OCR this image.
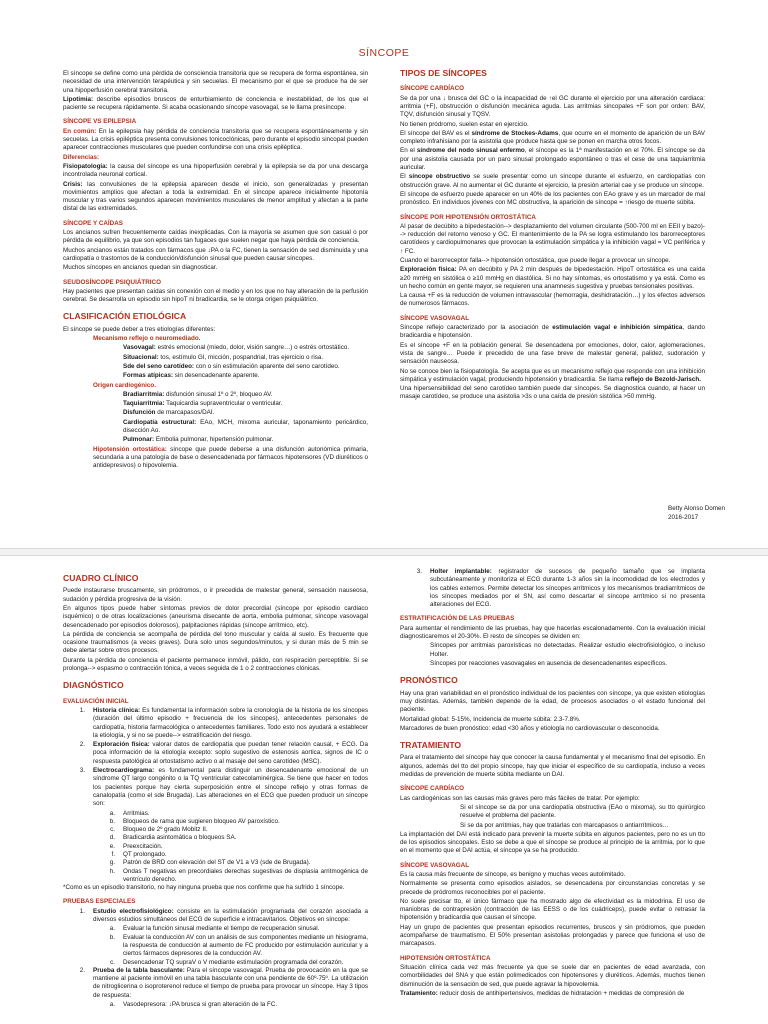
SÍNCOPE

El síncope se define como una pérdida de consciencia transitoria que se recupera de forma espontánea, sin necesidad de una intervención terapéutica y sin secuelas. El mecanismo por el que se produce ha de ser una hipoperfusión cerebral transitoria.

Lipotimia: describe episodios bruscos de enturbiamiento de conciencia e inestabilidad, de los que el paciente se recupera rápidamente. Si acaba ocasionando síncope vasovagal, se le llama presíncope.

SÍNCOPE VS EPILEPSIA

En común: En la epilepsia hay pérdida de conciencia transitoria que se recupera espontáneamente y sin secuelas. La crisis epiléptica presenta convulsiones tonicoclónicas, pero durante el episodio sincopal pueden aparecer contracciones musculares que pueden confundirse con una crisis epiléptica.

Diferencias:

Fisiopatología: la causa del síncope es una hipoperfusión cerebral y la epilepsia se da por una descarga incontrolada neuronal cortical.

Crisis: las convulsiones de la epilepsia aparecen desde el inicio, son generalizadas y presentan movimientos amplios que afectan a toda la extremidad. En el síncope aparece inicialmente hipotonía muscular y tras varios segundos aparecen movimientos musculares de menor amplitud y afectan a la parte distal de las extremidades.

SÍNCOPE Y CAÍDAS

Los ancianos sufren frecuentemente caídas inexplicadas. Con la mayoría se asumen que son casual o por pérdida de equilibrio, ya que son episodios tan fugaces que suelen negar que haya pérdida de conciencia.

Muchos ancianos están tratados con fármacos que ↓PA o la FC, tienen la sensación de sed disminuida y una cardiopatía o trastornos de la conducción/disfunción sinusal que pueden causar síncopes.

Muchos síncopes en ancianos quedan sin diagnosticar.

SEUDOSÍNCOPE PSIQUIÁTRICO

Hay pacientes que presentan caídas sin conexión con el medio y en los que no hay alteración de la perfusión cerebral. Se desarrolla un episodio sin hipoT ni bradicardia, se le otorga origen psiquiátrico.

CLASIFICACIÓN ETIOLÓGICA

El síncope se puede deber a tres etiologías diferentes:

Mecanismo reflejo o neuromediado.

Vasovagal: estrés emocional (miedo, dolor, visión sangre…) o estrés ortostático.

Situacional: tos, estímulo GI, micción, pospandrial, tras ejercicio o risa.

Sde del seno carotídeo: con o sin estimulación aparente del seno carotídeo.

Formas atípicas: sin desencadenante aparente.

Origen cardiogénico.

Bradiarritmia: disfunción sinusal 1º o 2º, bloqueo AV.

Taquiarritmia: Taquicardia supraventricular o ventricular.

Disfunción de marcapasos/DAI.

Cardiopatía estructural: EAo, MCH, mixoma auricular, taponamiento pericárdico, disección Ao.

Pulmonar: Embolia pulmonar, hipertensión pulmonar.

Hipotensión ortostática: síncope que puede deberse a una disfunción autonómica primaria, secundaria a una patología de base o desencadenada por fármacos hipotensores (VD diuréticos o antidepresivos) o hipovolemia.

TIPOS DE SÍNCOPES
SÍNCOPE CARDÍACO

Se da por una ↓ brusca del GC o la incapacidad de ↑el GC durante el ejercicio por una alteración cardiaca: arritmia (+F), obstrucción o disfunción mecánica aguda. Las arritmias sincopales +F son por orden: BAV, TQV, disfunción sinusal y TQSV.

No tienen pródromo, suelen estar en ejercicio.

El síncope del BAV es el síndrome de Stockes-Adams, que ocurre en el momento de aparición de un BAV completo infrahisiano por la asistolia que produce hasta que se ponen en marcha otros focos.

En el síndrome del nodo sinusal enfermo, el síncope es la 1ª manifestación en el 70%. El síncope se da por una asistolia causada por un paro sinusal prolongado espontáneo o tras el cese de una taquiarritmia auricular.

El síncope obstructivo se suele presentar como un síncope durante el esfuerzo, en cardiopatías con obstrucción grave. Al no aumentar el GC durante el ejercicio, la presión arterial cae y se produce un síncope.

El síncope de esfuerzo puede aparecer en un 40% de los pacientes con EAo grave y es un marcador de mal pronóstico. En individuos jóvenes con MC obstructiva, la aparición de síncope = ↑riesgo de muerte súbita.

SÍNCOPE POR HIPOTENSIÓN ORTOSTÁTICA

Al pasar de decúbito a bipedestación--> desplazamiento del volumen circulante (500-700 ml en EEII y bazo)--> reducción del retorno venoso y GC. El mantenimiento de la PA se logra estimulando los barorreceptores carotídeos y cardiopulmonares que provocan la estimulación simpática y la inhibición vagal = VC periférica y ↑ FC.

Cuando el barorreceptor falla--> hipotensión ortostática, que puede llegar a provocar un síncope.

Exploración física: PA en decúbito y PA 2 min después de bipedestación. HipoT ortostática es una caída ≥20 mmHg en sistólica o ≥10 mmHg en diastólica. Si no hay síntomas, es ortostatismo y ya está. Como es un hecho común en gente mayor, se requieren una anamnesis sugestiva y pruebas tensionales positivas.

La causa +F es la reducción de volumen intravascular (hemorragia, deshidratación…) y los efectos adversos de numerosos fármacos.

SÍNCOPE VASOVAGAL

Síncope reflejo caracterizado por la asociación de estimulación vagal e inhibición simpática, dando bradicardia e hipotensión.

Es el síncope +F en la población general. Se desencadena por emociones, dolor, calor, aglomeraciones, vista de sangre… Puede ir precedido de una fase breve de malestar general, palidez, sudoración y sensación nauseosa.

No se conoce bien la fisiopatología. Se acepta que es un mecanismo reflejo que responde con una inhibición simpática y estimulación vagal, produciendo hipotensión y bradicardia. Se llama reflejo de Bezold-Jarisch.

Una hipersensibilidad del seno carotídeo también puede dar síncopes. Se diagnostica cuando, al hacer un masaje carotídeo, se produce una asistolia >3s o una caída de presión sistólica >50 mmHg.

Betty Alonso Domen
2016-2017
CUADRO CLÍNICO

Puede instaurarse bruscamente, sin pródromos, o ir precedida de malestar general, sensación nauseosa, sudación y pérdida progresiva de la visión.

En algunos tipos puede haber síntomas previos de dolor precordial (síncope por episodio cardiaco isquémico) o de otras localizaciones (aneurisma disecante de aorta, embolia pulmonar, síncope vasovagal desencadenado por episodios dolorosos), palpitaciones rápidas (síncope arrítmico, etc).

La pérdida de conciencia se acompaña de pérdida del tono muscular y caída al suelo. Es frecuente que ocasione traumatismos (a veces graves). Dura solo unos segundos/minutos, y si duran más de 5 min se debe alertar sobre otros procesos.

Durante la pérdida de conciencia el paciente permanece inmóvil, pálido, con respiración perceptible. Si se prolonga--> espasmo o contracción tónica, a veces seguida de 1 o 2 contracciones clónicas.

DIAGNÓSTICO
EVALUACIÓN INICIAL
1.	Historia clínica: Es fundamental la información sobre la cronología de la historia de los síncopes (duración del último episodio + frecuencia de los síncopes), antecedentes personales de cardiopatía, historia farmacológica o antecedentes familiares. Todo esto nos ayudará a establecer la etiología, y si no se puede--> estratificación del riesgo.
2.	Exploración física: valorar datos de cardiopatía que puedan tener relación causal, + ECG. Da poca información de la etiología excepto: soplo sugestivo de estenosis aortica, signos de IC o respuesta patológica al ortostatismo activo o al masaje del seno carotídeo (MSC).
3.	Electrocardiograma: es fundamental para distinguir un desencadenante emocional de un síndrome QT largo congénito o la TQ ventricular catecolaminérgica. Se tiene que hacer en todos los pacientes porque hay cierta superposición entre el síncope reflejo y otras formas de canalopatía (como el sde Brugada). Las alteraciones en el ECG que pueden producir un síncope son:
a.	Arritmias.
b.	Bloqueos de rama que sugieren bloqueo AV paroxístico.
c.	Bloqueo de 2º grado Mobitz II.
d.	Bradicardia asintomática o bloqueos SA.
e.	Preexcitación.
f.	QT prolongado.
g.	Patrón de BRD con elevación del ST de V1 a V3 (sde de Brugada).
h.	Ondas T negativas en precordiales derechas sugestivas de displasia arritmogénica de ventrículo derecho.

*Como es un episodio transitorio, no hay ninguna prueba que nos confirme que ha sufrido 1 síncope.

PRUEBAS ESPECIALES
1.	Estudio electrofisiológico: consiste en la estimulación programada del corazón asociada a diversos estudios simultáneos del ECG de superficie e intracavitarios. Objetivos en síncope:
a.	Evaluar la función sinusal mediante el tiempo de recuperación sinusal.
b.	Evaluar la conducción AV con un análisis de sus componentes mediante un hisiograma, la respuesta de conducción al aumento de FC producido por estimulación auricular y a ciertos fármacos depresores de la conducción AV.
c.	Desencadenar TQ supraV o V mediante estimulación programada del corazón.
2.	Prueba de la tabla basculante: Para el síncope vasovagal. Prueba de provocación en la que se mantiene al paciente inmóvil en una tabla basculante con una pendiente de 60º-75º. La utilización de nitroglicerina o isoproterenol reduce el tiempo de prueba para provocar un síncope. Hay 3 tipos de respuesta:
a.	Vasodepresora: ↓PA brusca si gran alteración de la FC.
3.	Holter implantable: registrador de sucesos de pequeño tamaño que se implanta subcutáneamente y monitoriza el ECG durante 1-3 años sin la incomodidad de los electrodos y los cables externos. Permite detectar los síncopes arrítmicos y los mecanismos bradiarrítmicos de los síncopes mediados por el SN, así como descartar el síncope arrítmico si no presenta alteraciones del ECG.
ESTRATIFICACIÓN DE LAS PRUEBAS

Para aumentar el rendimiento de las pruebas, hay que hacerlas escalonadamente. Con la evaluación inicial diagnosticaremos el 20-30%. El resto de síncopes se dividen en:

Síncopes por arritmias paroxísticas no detectadas. Realizar estudio electrofisiológico, o incluso Holter.

Síncopes por reacciones vasovagales en ausencia de desencadenantes específicos.

PRONÓSTICO

Hay una gran variabilidad en el pronóstico individual de los pacientes con síncope, ya que existen etiologías muy distintas. Además, también depende de la edad, de procesos asociados o el estado funcional del paciente.

Mortalidad global: 5-15%, Incidencia de muerte súbita: 2.3-7.8%.

Marcadores de buen pronóstico: edad <30 años y etiología no cardiovascular o desconocida.

TRATAMIENTO

Para el tratamiento del síncope hay que conocer la causa fundamental y el mecanismo final del episodio. En algunos, además del tto del propio síncope, hay que iniciar el específico de su cardiopatía, incluso a veces medidas de prevención de muerte súbita mediante un DAI.

SÍNCOPE CARDÍACO

Las cardiogénicas son las causas más graves pero más fáciles de tratar. Por ejemplo:

Si el síncope se da por una cardiopatía obstructiva (EAo o mixoma), su tto quirúrgico resuelve el problema del paciente.

Si se da por arritmias, hay que tratarlas con marcapasos o antiarrítmicos…

La implantación del DAI está indicado para prevenir la muerte súbita en algunos pacientes, pero no es un tto de los episodios sincopales. Esto se debe a que el síncope se produce al principio de la arritmia, por lo que en el momento que el DAI actúa, el síncope ya se ha producido.

SÍNCOPE VASOVAGAL

Es la causa más frecuente de síncope, es benigno y muchas veces autolimitado.

Normalmente se presenta como episodios aislados, se desencadena por circunstancias concretas y se precede de pródromos reconocibles por el paciente.

No suele precisar tto, el único fármaco que ha mostrado algo de efectividad es la midodrina. El uso de maniobras de contrapresión (contracción de las EESS o de los cuádriceps), puede evitar o retrasar la hipotensión y bradicardia que causan el síncope.

Hay un grupo de pacientes que presentan episodios recurrentes, bruscos y sin pródromos, que pueden acompañarse de traumatismo. El 50% presentan asistolias prolongadas y parece que funciona el uso de marcapasos.

HIPOTENSIÓN ORTOSTÁTICA

Situación clínica cada vez más frecuente ya que se suele dar en pacientes de edad avanzada, con comorbilidades del SNA y que están polimedicados con hipotensores y diuréticos. Además, muchos tienen disminución de la sensación de sed, que puede agravar la hipovolemia.

Tratamiento: reducir dosis de antihipertensivos, medidas de hidratación + medidas de compresión de
